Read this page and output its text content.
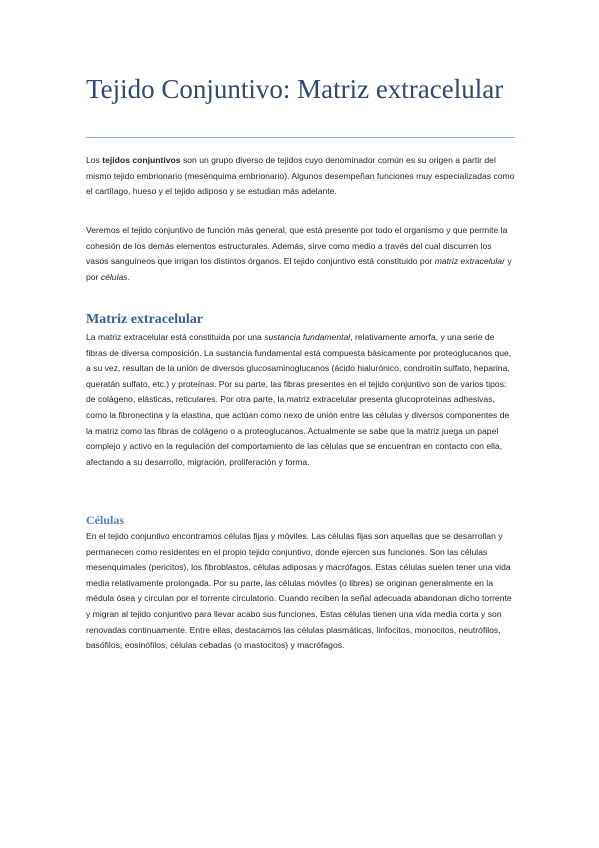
Tejido Conjuntivo: Matriz extracelular

Los tejidos conjuntivos son un grupo diverso de tejidos cuyo denominador común es su origen a partir del mismo tejido embrionario (mesénquima embrionario). Algunos desempeñan funciones muy especializadas como el cartílago, hueso y el tejido adiposo y se estudian más adelante.

Veremos el tejido conjuntivo de función más general, que está presente por todo el organismo y que permite la cohesión de los demás elementos estructurales. Además, sirve como medio a través del cual discurren los vasos sanguíneos que irrigan los distintos órganos. El tejido conjuntivo está constituido por matriz extracelular y por células.

Matriz extracelular

La matriz extracelular está constituida por una sustancia fundamental, relativamente amorfa, y una serie de fibras de diversa composición. La sustancia fundamental está compuesta básicamente por proteoglucanos que, a su vez, resultan de la unión de diversos glucosaminoglucanos (ácido hialurónico, condroitín sulfato, heparina, queratán sulfato, etc.) y proteínas. Por su parte, las fibras presentes en el tejido conjuntivo son de varios tipos: de colágeno, elásticas, reticulares. Por otra parte, la matriz extracelular presenta glucoproteínas adhesivas, como la fibronectina y la elastina, que actúan como nexo de unión entre las células y diversos componentes de la matriz como las fibras de colágeno o a proteoglucanos. Actualmente se sabe que la matriz juega un papel complejo y activo en la regulación del comportamiento de las células que se encuentran en contacto con ella, afectando a su desarrollo, migración, proliferación y forma.

Células

En el tejido conjuntivo encontramos células fijas y móviles. Las células fijas son aquellas que se desarrollan y permanecen como residentes en el propio tejido conjuntivo, donde ejercen sus funciones. Son las células mesenquimales (pericitos), los fibroblastos, células adiposas y macrófagos. Estas células suelen tener una vida media relativamente prolongada. Por su parte, las células móviles (o libres) se originan generalmente en la médula ósea y circulan por el torrente circulatorio. Cuando reciben la señal adecuada abandonan dicho torrente y migran al tejido conjuntivo para llevar acabo sus funciones. Estas células tienen una vida media corta y son renovadas continuamente. Entre ellas, destacamos las células plasmáticas, linfocitos, monocitos, neutrófilos, basófilos, eosinófilos, células cebadas (o mastocitos) y macrófagos.
